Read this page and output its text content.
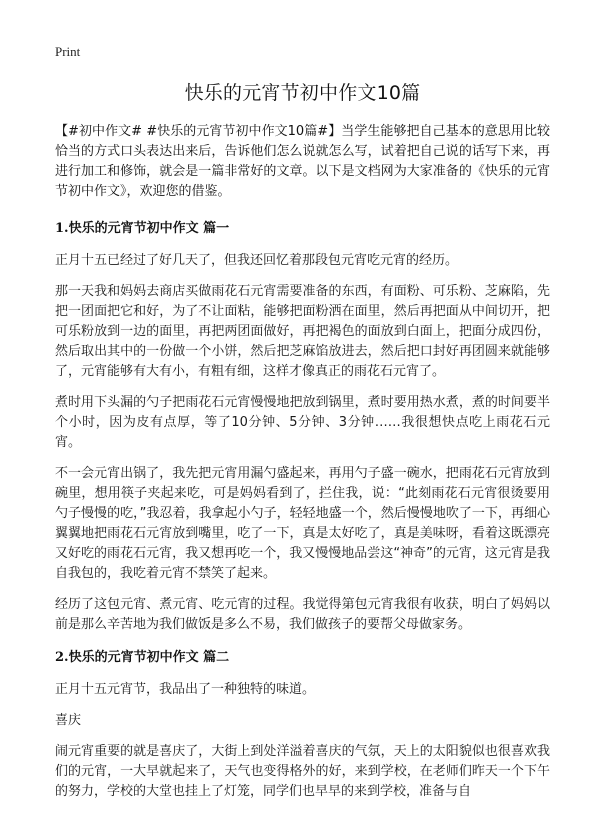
Print
快乐的元宵节初中作文10篇

【#初中作文# #快乐的元宵节初中作文10篇#】当学生能够把自己基本的意思用比较恰当的方式口头表达出来后，告诉他们怎么说就怎么写，试着把自己说的话写下来，再进行加工和修饰，就会是一篇非常好的文章。以下是文档网为大家准备的《快乐的元宵节初中作文》，欢迎您的借鉴。

1.快乐的元宵节初中作文 篇一

正月十五已经过了好几天了，但我还回忆着那段包元宵吃元宵的经历。

那一天我和妈妈去商店买做雨花石元宵需要准备的东西，有面粉、可乐粉、芝麻陷，先把一团面把它和好，为了不让面粘，能够把面粉洒在面里，然后再把面从中间切开，把可乐粉放到一边的面里，再把两团面做好，再把褐色的面放到白面上，把面分成四份，然后取出其中的一份做一个小饼，然后把芝麻馅放进去，然后把口封好再团圆来就能够了，元宵能够有大有小，有粗有细，这样才像真正的雨花石元宵了。

煮时用下头漏的勺子把雨花石元宵慢慢地把放到锅里，煮时要用热水煮，煮的时间要半个小时，因为皮有点厚，等了10分钟、5分钟、3分钟……我很想快点吃上雨花石元宵。

不一会元宵出锅了，我先把元宵用漏勺盛起来，再用勺子盛一碗水，把雨花石元宵放到碗里，想用筷子夹起来吃，可是妈妈看到了，拦住我，说：“此刻雨花石元宵很烫要用勺子慢慢的吃，”我忍着，我拿起小勺子，轻轻地盛一个，然后慢慢地吹了一下，再细心翼翼地把雨花石元宵放到嘴里，吃了一下，真是太好吃了，真是美味呀，看着这既漂亮又好吃的雨花石元宵，我又想再吃一个，我又慢慢地品尝这“神奇”的元宵，这元宵是我自我包的，我吃着元宵不禁笑了起来。

经历了这包元宵、煮元宵、吃元宵的过程。我觉得第包元宵我很有收获，明白了妈妈以前是那么辛苦地为我们做饭是多么不易，我们做孩子的要帮父母做家务。

2.快乐的元宵节初中作文 篇二

正月十五元宵节，我品出了一种独特的味道。

喜庆

闹元宵重要的就是喜庆了，大街上到处洋溢着喜庆的气氛，天上的太阳貌似也很喜欢我们的元宵，一大早就起来了，天气也变得格外的好，来到学校，在老师们昨天一个下午的努力，学校的大堂也挂上了灯笼，同学们也早早的来到学校，准备与自
